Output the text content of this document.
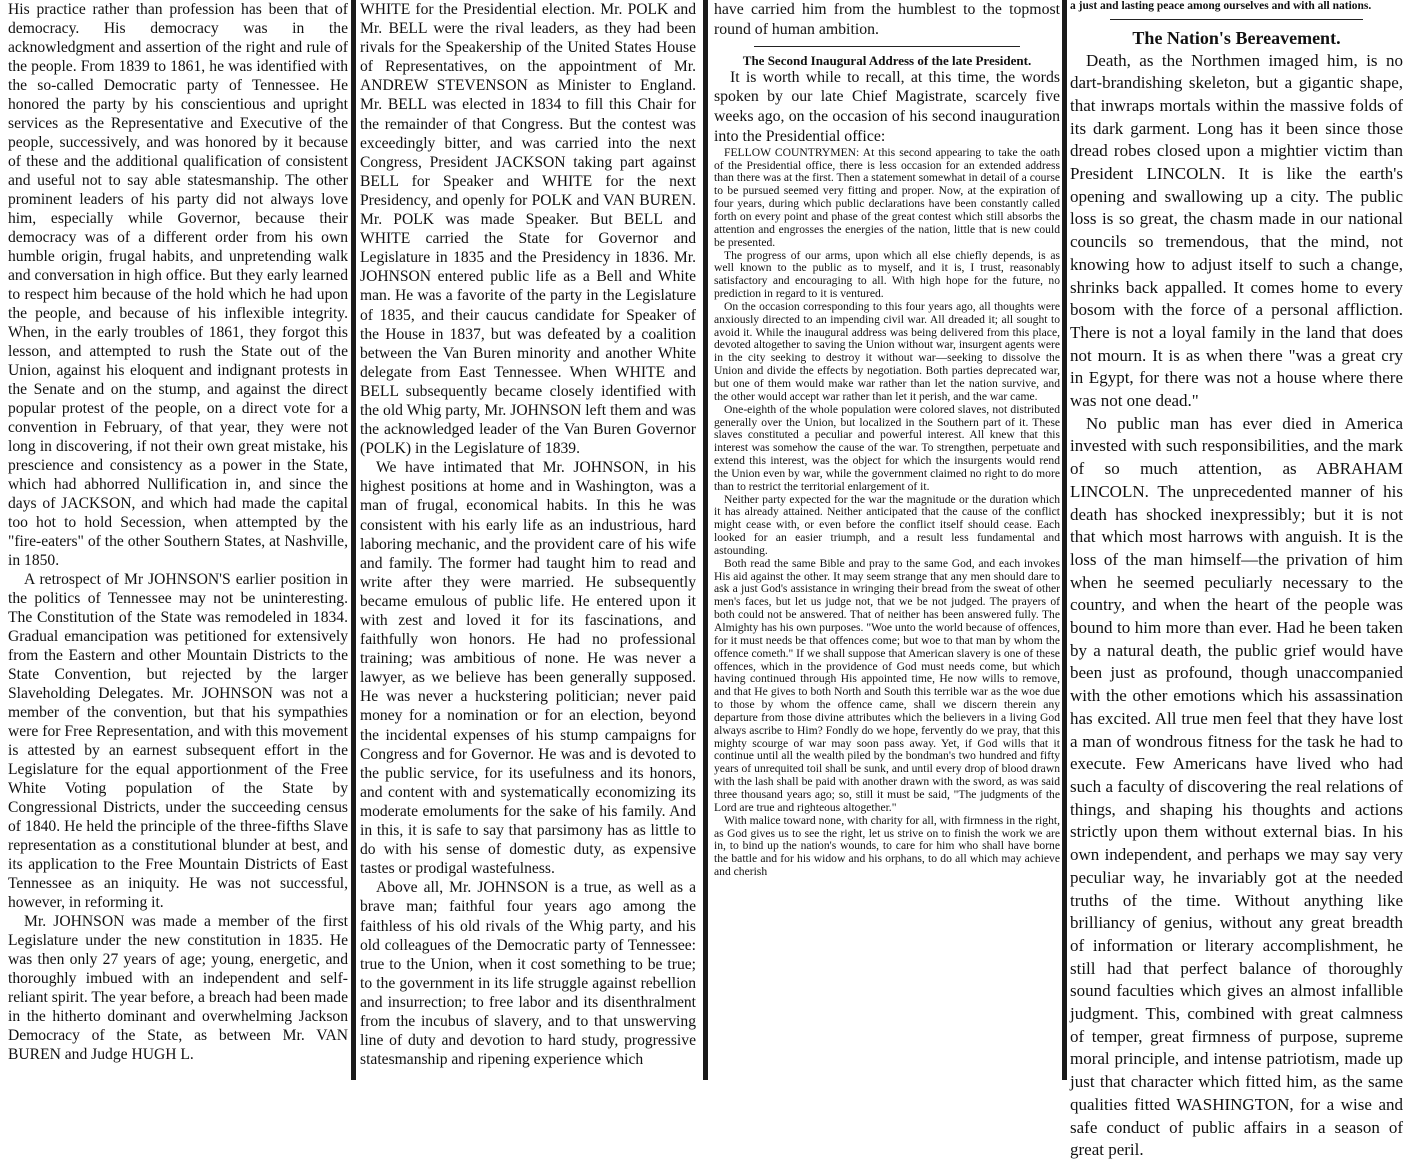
His practice rather than profession has been that of democracy. His democracy was in the acknowledgment and assertion of the right and rule of the people. From 1839 to 1861, he was identified with the so-called Democratic party of Tennessee. He honored the party by his conscientious and upright services as the Representative and Executive of the people, successively, and was honored by it because of these and the additional qualification of consistent and useful not to say able statesmanship. The other prominent leaders of his party did not always love him, especially while Governor, because their democracy was of a different order from his own humble origin, frugal habits, and unpretending walk and conversation in high office. But they early learned to respect him because of the hold which he had upon the people, and because of his inflexible integrity. When, in the early troubles of 1861, they forgot this lesson, and attempted to rush the State out of the Union, against his eloquent and indignant protests in the Senate and on the stump, and against the direct popular protest of the people, on a direct vote for a convention in February, of that year, they were not long in discovering, if not their own great mistake, his prescience and consistency as a power in the State, which had abhorred Nullification in, and since the days of JACKSON, and which had made the capital too hot to hold Secession, when attempted by the "fire-eaters" of the other Southern States, at Nashville, in 1850.

A retrospect of Mr JOHNSON'S earlier position in the politics of Tennessee may not be uninteresting. The Constitution of the State was remodeled in 1834. Gradual emancipation was petitioned for extensively from the Eastern and other Mountain Districts to the State Convention, but rejected by the larger Slaveholding Delegates. Mr. JOHNSON was not a member of the convention, but that his sympathies were for Free Representation, and with this movement is attested by an earnest subsequent effort in the Legislature for the equal apportionment of the Free White Voting population of the State by Congressional Districts, under the succeeding census of 1840. He held the principle of the three-fifths Slave representation as a constitutional blunder at best, and its application to the Free Mountain Districts of East Tennessee as an iniquity. He was not successful, however, in reforming it.

Mr. JOHNSON was made a member of the first Legislature under the new constitution in 1835. He was then only 27 years of age; young, energetic, and thoroughly imbued with an independent and self-reliant spirit. The year before, a breach had been made in the hitherto dominant and overwhelming Jackson Democracy of the State, as between Mr. VAN BUREN and Judge HUGH L.

WHITE for the Presidential election. Mr. POLK and Mr. BELL were the rival leaders, as they had been rivals for the Speakership of the United States House of Representatives, on the appointment of Mr. ANDREW STEVENSON as Minister to England. Mr. BELL was elected in 1834 to fill this Chair for the remainder of that Congress. But the contest was exceedingly bitter, and was carried into the next Congress, President JACKSON taking part against BELL for Speaker and WHITE for the next Presidency, and openly for POLK and VAN BUREN. Mr. POLK was made Speaker. But BELL and WHITE carried the State for Governor and Legislature in 1835 and the Presidency in 1836. Mr. JOHNSON entered public life as a Bell and White man. He was a favorite of the party in the Legislature of 1835, and their caucus candidate for Speaker of the House in 1837, but was defeated by a coalition between the Van Buren minority and another White delegate from East Tennessee. When WHITE and BELL subsequently became closely identified with the old Whig party, Mr. JOHNSON left them and was the acknowledged leader of the Van Buren Governor (POLK) in the Legislature of 1839.

We have intimated that Mr. JOHNSON, in his highest positions at home and in Washington, was a man of frugal, economical habits. In this he was consistent with his early life as an industrious, hard laboring mechanic, and the provident care of his wife and family. The former had taught him to read and write after they were married. He subsequently became emulous of public life. He entered upon it with zest and loved it for its fascinations, and faithfully won honors. He had no professional training; was ambitious of none. He was never a lawyer, as we believe has been generally supposed. He was never a huckstering politician; never paid money for a nomination or for an election, beyond the incidental expenses of his stump campaigns for Congress and for Governor. He was and is devoted to the public service, for its usefulness and its honors, and content with and systematically economizing its moderate emoluments for the sake of his family. And in this, it is safe to say that parsimony has as little to do with his sense of domestic duty, as expensive tastes or prodigal wastefulness.

Above all, Mr. JOHNSON is a true, as well as a brave man; faithful four years ago among the faithless of his old rivals of the Whig party, and his old colleagues of the Democratic party of Tennessee: true to the Union, when it cost something to be true; to the government in its life struggle against rebellion and insurrection; to free labor and its disenthralment from the incubus of slavery, and to that unswerving line of duty and devotion to hard study, progressive statesmanship and ripening experience which

have carried him from the humblest to the topmost round of human ambition.

The Second Inaugural Address of the late President.

It is worth while to recall, at this time, the words spoken by our late Chief Magistrate, scarcely five weeks ago, on the occasion of his second inauguration into the Presidential office:

FELLOW COUNTRYMEN: At this second appearing to take the oath of the Presidential office, there is less occasion for an extended address than there was at the first. Then a statement somewhat in detail of a course to be pursued seemed very fitting and proper. Now, at the expiration of four years, during which public declarations have been constantly called forth on every point and phase of the great contest which still absorbs the attention and engrosses the energies of the nation, little that is new could be presented.

The progress of our arms, upon which all else chiefly depends, is as well known to the public as to myself, and it is, I trust, reasonably satisfactory and encouraging to all. With high hope for the future, no prediction in regard to it is ventured.

On the occasion corresponding to this four years ago, all thoughts were anxiously directed to an impending civil war. All dreaded it; all sought to avoid it. While the inaugural address was being delivered from this place, devoted altogether to saving the Union without war, insurgent agents were in the city seeking to destroy it without war—seeking to dissolve the Union and divide the effects by negotiation. Both parties deprecated war, but one of them would make war rather than let the nation survive, and the other would accept war rather than let it perish, and the war came.

One-eighth of the whole population were colored slaves, not distributed generally over the Union, but localized in the Southern part of it. These slaves constituted a peculiar and powerful interest. All knew that this interest was somehow the cause of the war. To strengthen, perpetuate and extend this interest, was the object for which the insurgents would rend the Union even by war, while the government claimed no right to do more than to restrict the territorial enlargement of it.

Neither party expected for the war the magnitude or the duration which it has already attained. Neither anticipated that the cause of the conflict might cease with, or even before the conflict itself should cease. Each looked for an easier triumph, and a result less fundamental and astounding.

Both read the same Bible and pray to the same God, and each invokes His aid against the other. It may seem strange that any men should dare to ask a just God's assistance in wringing their bread from the sweat of other men's faces, but let us judge not, that we be not judged. The prayers of both could not be answered. That of neither has been answered fully. The Almighty has his own purposes. "Woe unto the world because of offences, for it must needs be that offences come; but woe to that man by whom the offence cometh." If we shall suppose that American slavery is one of these offences, which in the providence of God must needs come, but which having continued through His appointed time, He now wills to remove, and that He gives to both North and South this terrible war as the woe due to those by whom the offence came, shall we discern therein any departure from those divine attributes which the believers in a living God always ascribe to Him? Fondly do we hope, fervently do we pray, that this mighty scourge of war may soon pass away. Yet, if God wills that it continue until all the wealth piled by the bondman's two hundred and fifty years of unrequited toil shall be sunk, and until every drop of blood drawn with the lash shall be paid with another drawn with the sword, as was said three thousand years ago; so, still it must be said, "The judgments of the Lord are true and righteous altogether."

With malice toward none, with charity for all, with firmness in the right, as God gives us to see the right, let us strive on to finish the work we are in, to bind up the nation's wounds, to care for him who shall have borne the battle and for his widow and his orphans, to do all which may achieve and cherish

a just and lasting peace among ourselves and with all nations.

The Nation's Bereavement.

Death, as the Northmen imaged him, is no dart-brandishing skeleton, but a gigantic shape, that inwraps mortals within the massive folds of its dark garment. Long has it been since those dread robes closed upon a mightier victim than President LINCOLN. It is like the earth's opening and swallowing up a city. The public loss is so great, the chasm made in our national councils so tremendous, that the mind, not knowing how to adjust itself to such a change, shrinks back appalled. It comes home to every bosom with the force of a personal affliction. There is not a loyal family in the land that does not mourn. It is as when there "was a great cry in Egypt, for there was not a house where there was not one dead."

No public man has ever died in America invested with such responsibilities, and the mark of so much attention, as ABRAHAM LINCOLN. The unprecedented manner of his death has shocked inexpressibly; but it is not that which most harrows with anguish. It is the loss of the man himself—the privation of him when he seemed peculiarly necessary to the country, and when the heart of the people was bound to him more than ever. Had he been taken by a natural death, the public grief would have been just as profound, though unaccompanied with the other emotions which his assassination has excited. All true men feel that they have lost a man of wondrous fitness for the task he had to execute. Few Americans have lived who had such a faculty of discovering the real relations of things, and shaping his thoughts and actions strictly upon them without external bias. In his own independent, and perhaps we may say very peculiar way, he invariably got at the needed truths of the time. Without anything like brilliancy of genius, without any great breadth of information or literary accomplishment, he still had that perfect balance of thoroughly sound faculties which gives an almost infallible judgment. This, combined with great calmness of temper, great firmness of purpose, supreme moral principle, and intense patriotism, made up just that character which fitted him, as the same qualities fitted WASHINGTON, for a wise and safe conduct of public affairs in a season of great peril.
